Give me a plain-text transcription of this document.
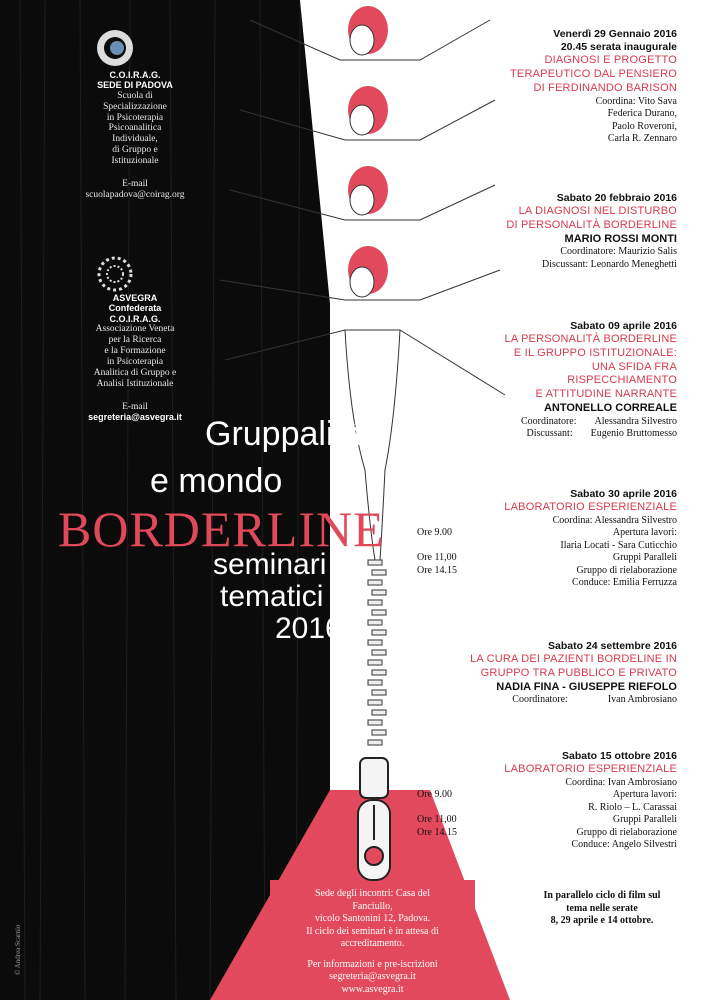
C.O.I.R.A.G.
SEDE DI PADOVA
Scuola di
Specializzazione
in Psicoterapia
Psicoanalitica
Individuale,
di Gruppo e
Istituzionale
E-mail
scuolapadova@coirag.org
ASVEGRA
Confederata
C.O.I.R.A.G.
Associazione Veneta
per la Ricerca
e la Formazione
in Psicoterapia
Analitica di Gruppo e
Analisi Istituzionale
E-mail
segreteria@asvegra.it Gruppalità
e mondo
BORDERLINE
seminari
tematici
2016
Venerdì 29 Gennaio 2016
20.45 serata inaugurale
DIAGNOSI E PROGETTO
TERAPEUTICO DAL PENSIERO
DI FERDINANDO BARISON
Coordina: Vito Sava
Federica Durano,
Paolo Roveroni,
Carla R. Zennaro
Sabato 20 febbraio 2016
LA DIAGNOSI NEL DISTURBO
DI PERSONALITÀ BORDERLINE
MARIO ROSSI MONTI
Coordinatore: Maurizio Salis
Discussant: Leonardo Meneghetti
Sabato 09 aprile 2016
LA PERSONALITÀ BORDERLINE
E IL GRUPPO ISTITUZIONALE:
UNA SFIDA FRA
RISPECCHIAMENTO
E ATTITUDINE NARRANTE
ANTONELLO CORREALE
Coordinatore: Alessandra Silvestro
Discussant: Eugenio Bruttomesso
Sabato 30 aprile 2016
LABORATORIO ESPERIENZIALE
Coordina: Alessandra Silvestro
Ore 9.00	Apertura lavori:
Ilaria Locati - Sara Cuticchio
Ore 11,00	Gruppi Paralleli
Ore 14.15	Gruppo di rielaborazione
Conduce: Emilia Ferruzza
Sabato 24 settembre 2016
LA CURA DEI PAZIENTI BORDELINE IN
GRUPPO TRA PUBBLICO E PRIVATO
NADIA FINA - GIUSEPPE RIEFOLO
Coordinatore:	Ivan Ambrosiano
Sabato 15 ottobre 2016
LABORATORIO ESPERIENZIALE
Coordina: Ivan Ambrosiano
Ore 9.00	Apertura lavori:
R. Riolo – L. Carassai
Ore 11,00	Gruppi Paralleli
Ore 14.15	Gruppo di rielaborazione
Conduce: Angelo Silvestri
Sede degli incontri: Casa del
Fanciullo,
vicolo Santonini 12, Padova.
Il ciclo dei seminari è in attesa di
accreditamento.
Per informazioni e pre-iscrizioni
segreteria@asvegra.it
www.asvegra.it
In parallelo ciclo di film sul
tema nelle serate
8, 29 aprile e 14 ottobre.
© Andrea Scarnio
